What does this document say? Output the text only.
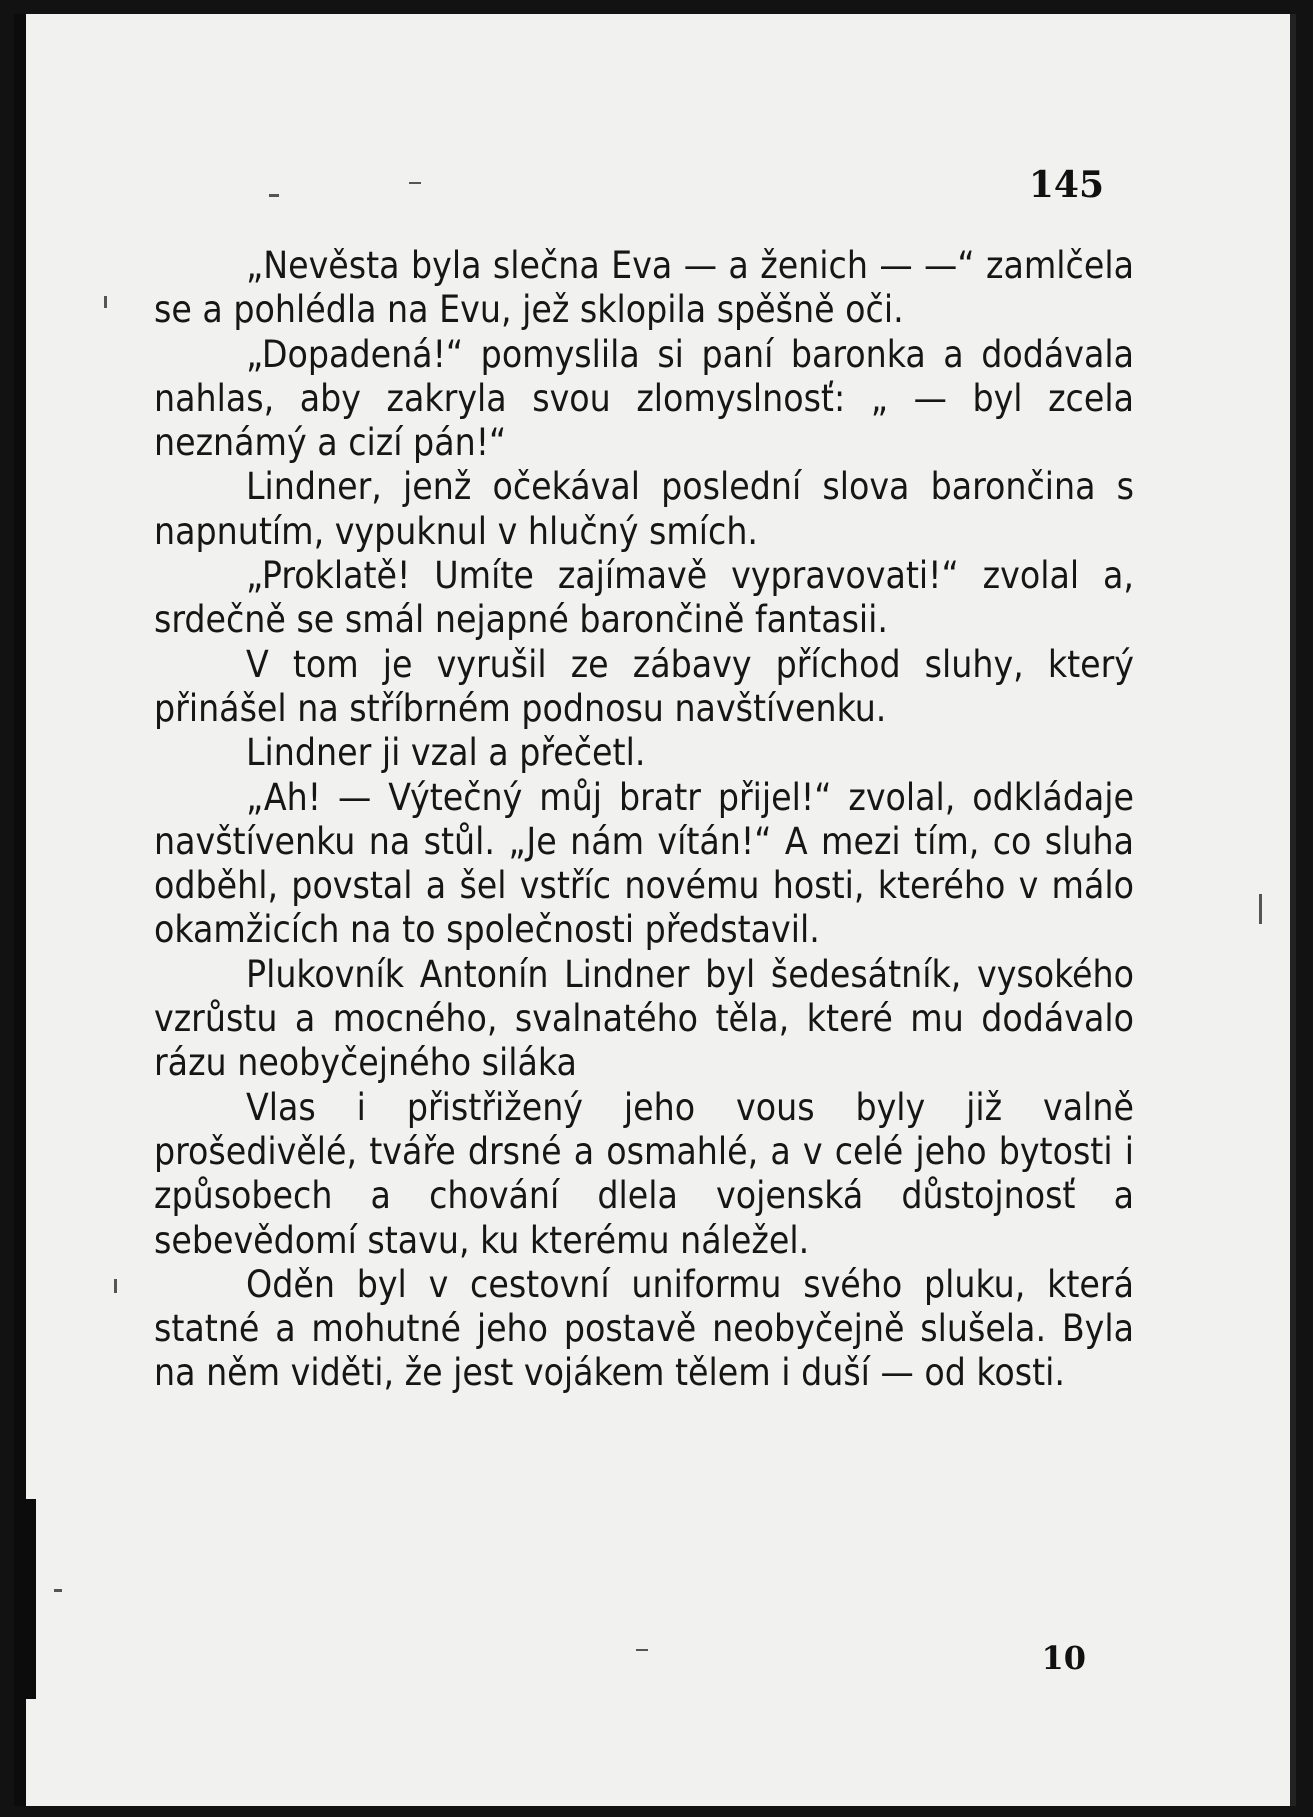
145

„Nevěsta byla slečna Eva — a ženich — —“ zamlčela se a pohlédla na Evu, jež sklopila spěšně oči.

„Dopadená!“ pomyslila si paní baronka a dodávala nahlas, aby zakryla svou zlomyslnosť: „ — byl zcela neznámý a cizí pán!“

Lindner, jenž očekával poslední slova barončina s napnutím, vypuknul v hlučný smích.

„Proklatě! Umíte zajímavě vypravovati!“ zvolal a, srdečně se smál nejapné barončině fantasii.

V tom je vyrušil ze zábavy příchod sluhy, který přinášel na stříbrném podnosu navštívenku.

Lindner ji vzal a přečetl.

„Ah! — Výtečný můj bratr přijel!“ zvolal, odkládaje navštívenku na stůl. „Je nám vítán!“ A mezi tím, co sluha odběhl, povstal a šel vstříc novému hosti, kterého v málo okamžicích na to společnosti představil.

Plukovník Antonín Lindner byl šedesátník, vysokého vzrůstu a mocného, svalnatého těla, které mu dodávalo rázu neobyčejného siláka

Vlas i přistřižený jeho vous byly již valně prošedivělé, tváře drsné a osmahlé, a v celé jeho bytosti i způsobech a chování dlela vojenská důstojnosť a sebevědomí stavu, ku kterému náležel.

Oděn byl v cestovní uniformu svého pluku, která statné a mohutné jeho postavě neobyčejně slušela. Byla na něm viděti, že jest vojákem tělem i duší — od kosti.

10
